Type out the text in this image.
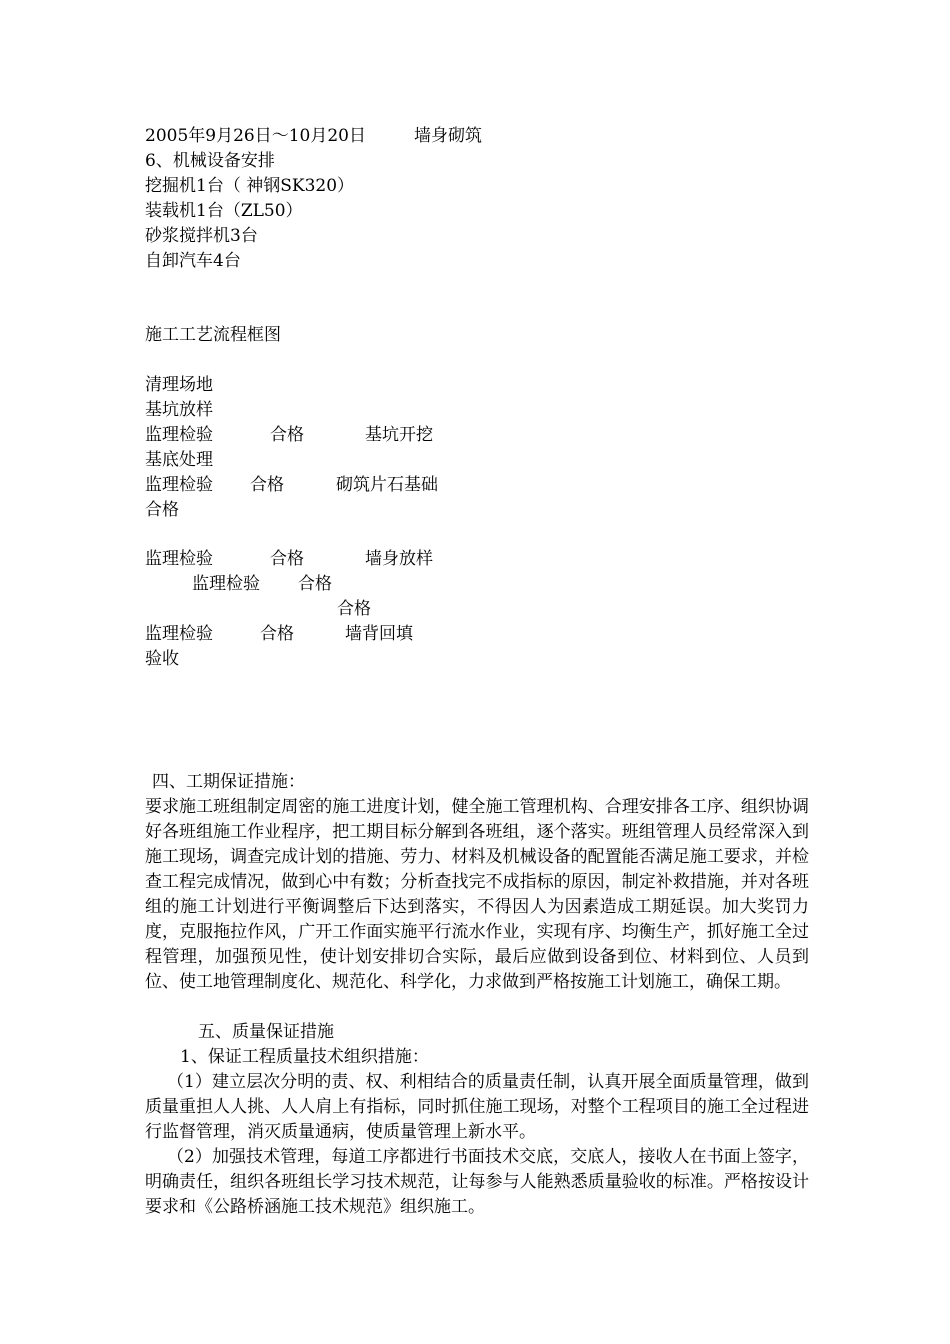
2005年9月26日～10月20日	墙身砌筑
6、机械设备安排
挖掘机1台（ 神钢SK320）
装载机1台（ZL50）
砂浆搅拌机3台
自卸汽车4台
施工工艺流程框图
清理场地
基坑放样
监理检验	合格	基坑开挖
基底处理
监理检验 合格	砌筑片石基础
合格
监理检验	合格	墙身放样
监理检验 合格
合格
监理检验	合格	墙背回填
验收
四、工期保证措施：
要求施工班组制定周密的施工进度计划，健全施工管理机构、合理安排各工序、组织协调好各班组施工作业程序，把工期目标分解到各班组，逐个落实。班组管理人员经常深入到施工现场，调查完成计划的措施、劳力、材料及机械设备的配置能否满足施工要求，并检查工程完成情况，做到心中有数；分析查找完不成指标的原因，制定补救措施，并对各班组的施工计划进行平衡调整后下达到落实，不得因人为因素造成工期延误。加大奖罚力度，克服拖拉作风，广开工作面实施平行流水作业，实现有序、均衡生产，抓好施工全过程管理，加强预见性，使计划安排切合实际，最后应做到设备到位、材料到位、人员到位、使工地管理制度化、规范化、科学化，力求做到严格按施工计划施工，确保工期。
五、质量保证措施
1、保证工程质量技术组织措施：
（1）建立层次分明的责、权、利相结合的质量责任制，认真开展全面质量管理，做到质量重担人人挑、人人肩上有指标，同时抓住施工现场，对整个工程项目的施工全过程进行监督管理，消灭质量通病，使质量管理上新水平。
（2）加强技术管理，每道工序都进行书面技术交底，交底人，接收人在书面上签字，明确责任，组织各班组长学习技术规范，让每参与人能熟悉质量验收的标准。严格按设计要求和《公路桥涵施工技术规范》组织施工。
